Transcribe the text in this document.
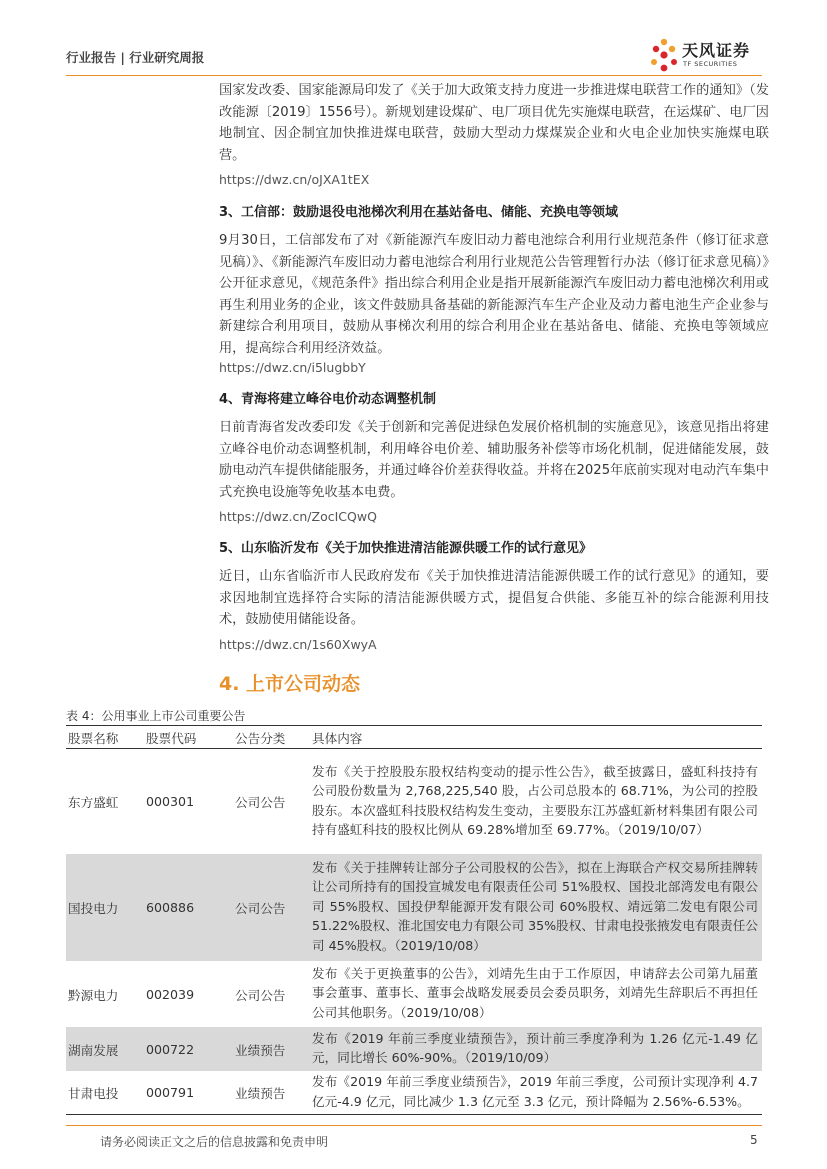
行业报告 | 行业研究周报	天风证券
TF SECURITIES
国家发改委、国家能源局印发了《关于加大政策支持力度进一步推进煤电联营工作的通知》（发改能源〔2019〕1556号）。新规划建设煤矿、电厂项目优先实施煤电联营，在运煤矿、电厂因地制宜、因企制宜加快推进煤电联营，鼓励大型动力煤煤炭企业和火电企业加快实施煤电联营。
https://dwz.cn/oJXA1tEX
3、工信部：鼓励退役电池梯次利用在基站备电、储能、充换电等领域
9月30日，工信部发布了对《新能源汽车废旧动力蓄电池综合利用行业规范条件（修订征求意见稿）》、《新能源汽车废旧动力蓄电池综合利用行业规范公告管理暂行办法（修订征求意见稿）》公开征求意见，《规范条件》指出综合利用企业是指开展新能源汽车废旧动力蓄电池梯次利用或再生利用业务的企业，该文件鼓励具备基础的新能源汽车生产企业及动力蓄电池生产企业参与新建综合利用项目，鼓励从事梯次利用的综合利用企业在基站备电、储能、充换电等领域应用，提高综合利用经济效益。
https://dwz.cn/i5lugbbY
4、青海将建立峰谷电价动态调整机制
日前青海省发改委印发《关于创新和完善促进绿色发展价格机制的实施意见》，该意见指出将建立峰谷电价动态调整机制，利用峰谷电价差、辅助服务补偿等市场化机制，促进储能发展，鼓励电动汽车提供储能服务，并通过峰谷价差获得收益。并将在2025年底前实现对电动汽车集中式充换电设施等免收基本电费。
https://dwz.cn/ZocICQwQ
5、山东临沂发布《关于加快推进清洁能源供暖工作的试行意见》
近日，山东省临沂市人民政府发布《关于加快推进清洁能源供暖工作的试行意见》的通知，要求因地制宜选择符合实际的清洁能源供暖方式，提倡复合供能、多能互补的综合能源利用技术，鼓励使用储能设备。
https://dwz.cn/1s60XwyA
4. 上市公司动态
表 4：公用事业上市公司重要公告
股票名称	股票代码	公告分类	具体内容
东方盛虹	000301	公司公告	发布《关于控股股东股权结构变动的提示性公告》，截至披露日，盛虹科技持有公司股份数量为 2,768,225,540 股，占公司总股本的 68.71%，为公司的控股股东。本次盛虹科技股权结构发生变动，主要股东江苏盛虹新材料集团有限公司持有盛虹科技的股权比例从 69.28%增加至 69.77%。（2019/10/07）
国投电力	600886	公司公告	发布《关于挂牌转让部分子公司股权的公告》，拟在上海联合产权交易所挂牌转让公司所持有的国投宣城发电有限责任公司 51%股权、国投北部湾发电有限公司 55%股权、国投伊犁能源开发有限公司 60%股权、靖远第二发电有限公司 51.22%股权、淮北国安电力有限公司 35%股权、甘肃电投张掖发电有限责任公司 45%股权。（2019/10/08）
黔源电力	002039	公司公告	发布《关于更换董事的公告》，刘靖先生由于工作原因，申请辞去公司第九届董事会董事、董事长、董事会战略发展委员会委员职务，刘靖先生辞职后不再担任公司其他职务。（2019/10/08）
湖南发展	000722	业绩预告	发布《2019 年前三季度业绩预告》，预计前三季度净利为 1.26 亿元-1.49 亿元，同比增长 60%-90%。（2019/10/09）
甘肃电投	000791	业绩预告	发布《2019 年前三季度业绩预告》，2019 年前三季度，公司预计实现净利 4.7 亿元-4.9 亿元，同比减少 1.3 亿元至 3.3 亿元，预计降幅为 2.56%-6.53%。
请务必阅读正文之后的信息披露和免责申明	5
